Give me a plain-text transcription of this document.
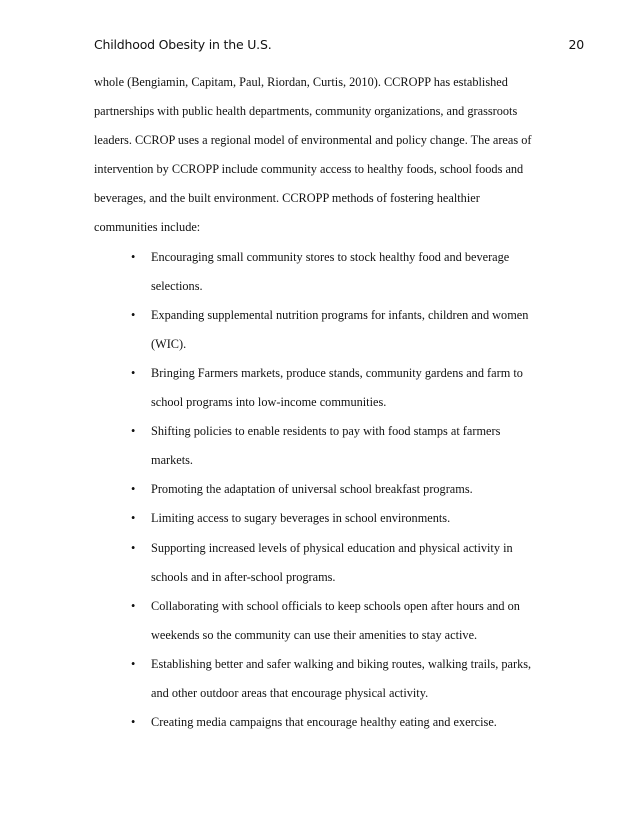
Childhood Obesity in the U.S.	20
whole (Bengiamin, Capitam, Paul, Riordan, Curtis, 2010). CCROPP has established
partnerships with public health departments, community organizations, and grassroots
leaders. CCROP uses a regional model of environmental and policy change. The areas of
intervention by CCROPP include community access to healthy foods, school foods and
beverages, and the built environment. CCROPP methods of fostering healthier
communities include:
• Encouraging small community stores to stock healthy food and beverage
selections.
• Expanding supplemental nutrition programs for infants, children and women
(WIC).
• Bringing Farmers markets, produce stands, community gardens and farm to
school programs into low-income communities.
• Shifting policies to enable residents to pay with food stamps at farmers
markets.
• Promoting the adaptation of universal school breakfast programs.
• Limiting access to sugary beverages in school environments.
• Supporting increased levels of physical education and physical activity in
schools and in after-school programs.
• Collaborating with school officials to keep schools open after hours and on
weekends so the community can use their amenities to stay active.
• Establishing better and safer walking and biking routes, walking trails, parks,
and other outdoor areas that encourage physical activity.
• Creating media campaigns that encourage healthy eating and exercise.
